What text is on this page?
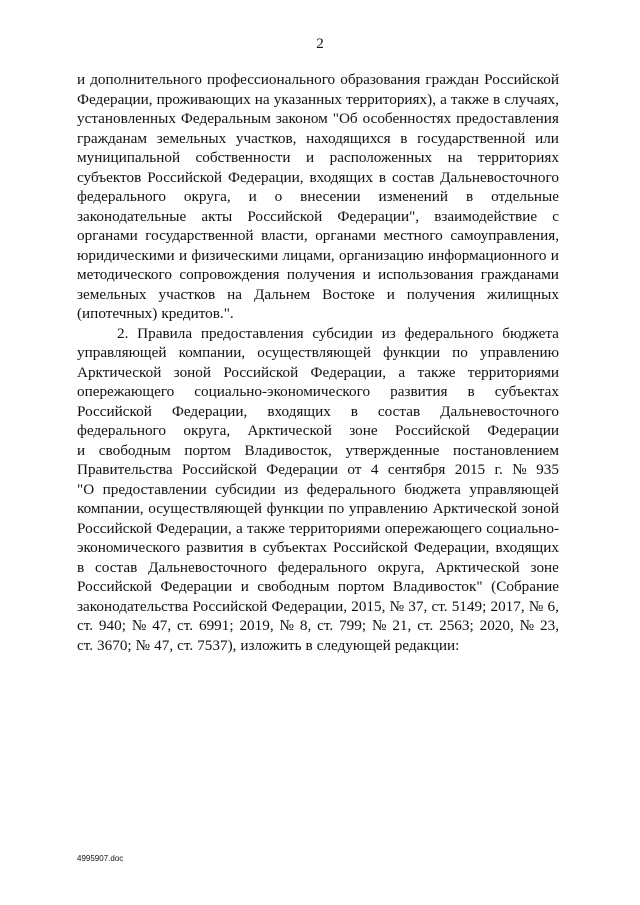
2
и дополнительного профессионального образования граждан Российской
Федерации, проживающих на указанных территориях), а также в случаях,
установленных Федеральным законом "Об особенностях предоставления
гражданам земельных участков, находящихся в государственной или
муниципальной собственности и расположенных на территориях
субъектов Российской Федерации, входящих в состав Дальневосточного
федерального округа, и о внесении изменений в отдельные
законодательные акты Российской Федерации", взаимодействие с
органами государственной власти, органами местного самоуправления,
юридическими и физическими лицами, организацию информационного и
методического сопровождения получения и использования гражданами
земельных участков на Дальнем Востоке и получения жилищных
(ипотечных) кредитов.".
2. Правила предоставления субсидии из федерального бюджета
управляющей компании, осуществляющей функции по управлению
Арктической зоной Российской Федерации, а также территориями
опережающего социально-экономического развития в субъектах
Российской Федерации, входящих в состав Дальневосточного
федерального округа, Арктической зоне Российской Федерации
и свободным портом Владивосток, утвержденные постановлением
Правительства Российской Федерации от 4 сентября 2015 г. № 935
"О предоставлении субсидии из федерального бюджета управляющей
компании, осуществляющей функции по управлению Арктической зоной
Российской Федерации, а также территориями опережающего социально-
экономического развития в субъектах Российской Федерации, входящих
в состав Дальневосточного федерального округа, Арктической зоне
Российской Федерации и свободным портом Владивосток" (Собрание
законодательства Российской Федерации, 2015, № 37, ст. 5149; 2017, № 6,
ст. 940; № 47, ст. 6991; 2019, № 8, ст. 799; № 21, ст. 2563; 2020, № 23,
ст. 3670; № 47, ст. 7537), изложить в следующей редакции:
4995907.doc
